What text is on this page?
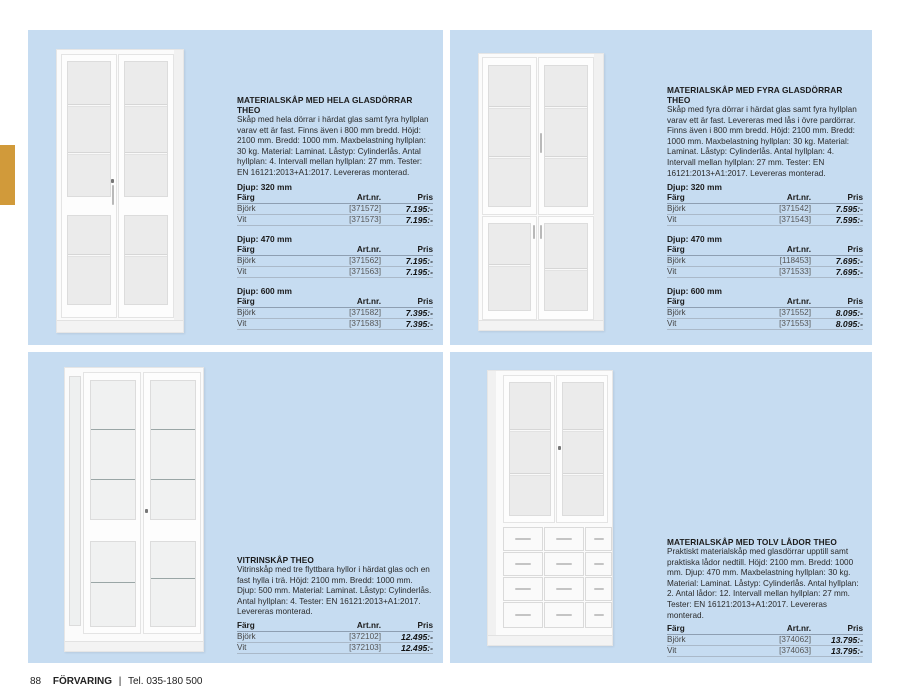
MATERIALSKÅP MED HELA GLASDÖRRAR THEO

Skåp med hela dörrar i härdat glas samt fyra hyllplan varav ett är fast. Finns även i 800 mm bredd. Höjd: 2100 mm. Bredd: 1000 mm. Maxbelastning hyllplan: 30 kg. Material: Laminat. Låstyp: Cylinderlås. Antal hyllplan: 4. Intervall mellan hyllplan: 27 mm. Tester: EN 16121:2013+A1:2017. Levereras monterad.

Djup: 320 mm
Färg	Art.nr.	Pris
Björk	[371572]	7.195:-
Vit	[371573]	7.195:-
Djup: 470 mm
Färg	Art.nr.	Pris
Björk	[371562]	7.195:-
Vit	[371563]	7.195:-
Djup: 600 mm
Färg	Art.nr.	Pris
Björk	[371582]	7.395:-
Vit	[371583]	7.395:-
MATERIALSKÅP MED FYRA GLASDÖRRAR THEO

Skåp med fyra dörrar i härdat glas samt fyra hyllplan varav ett är fast. Levereras med lås i övre pardörrar. Finns även i 800 mm bredd. Höjd: 2100 mm. Bredd: 1000 mm. Maxbelastning hyllplan: 30 kg. Material: Laminat. Låstyp: Cylinderlås. Antal hyllplan: 4. Intervall mellan hyllplan: 27 mm. Tester: EN 16121:2013+A1:2017. Levereras monterad.

Djup: 320 mm
Färg	Art.nr.	Pris
Björk	[371542]	7.595:-
Vit	[371543]	7.595:-
Djup: 470 mm
Färg	Art.nr.	Pris
Björk	[118453]	7.695:-
Vit	[371533]	7.695:-
Djup: 600 mm
Färg	Art.nr.	Pris
Björk	[371552]	8.095:-
Vit	[371553]	8.095:-
VITRINSKÅP THEO

Vitrinskåp med tre flyttbara hyllor i härdat glas och en fast hylla i trä. Höjd: 2100 mm. Bredd: 1000 mm. Djup: 500 mm. Material: Laminat. Låstyp: Cylinderlås. Antal hyllplan: 4. Tester: EN 16121:2013+A1:2017. Levereras monterad.

Färg	Art.nr.	Pris
Björk	[372102]	12.495:-
Vit	[372103]	12.495:-
MATERIALSKÅP MED TOLV LÅDOR THEO

Praktiskt materialskåp med glasdörrar upptill samt praktiska lådor nedtill. Höjd: 2100 mm. Bredd: 1000 mm. Djup: 470 mm. Maxbelastning hyllplan: 30 kg. Material: Laminat. Låstyp: Cylinderlås. Antal hyllplan: 2. Antal lådor: 12. Intervall mellan hyllplan: 27 mm. Tester: EN 16121:2013+A1:2017. Levereras monterad.

Färg	Art.nr.	Pris
Björk	[374062]	13.795:-
Vit	[374063]	13.795:-
88 FÖRVARING | Tel. 035-180 500
